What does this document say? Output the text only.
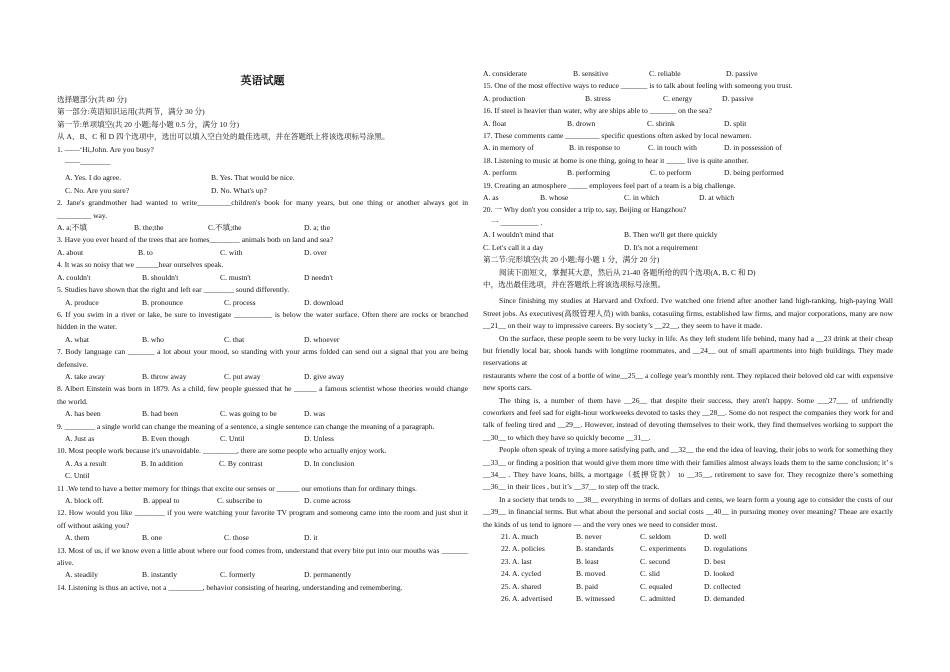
英语试题
选择题部分(共 80 分)
第一部分:英语知识运用(共两节，满分 30 分)
第一节:单项填空(共 20 小题;每小题 0.5 分，满分 10 分)
从 A、B、C 和 D 四个选项中，选出可以填入空白处的最佳选项，并在答题纸上将该选项标号涂黑。
1. ——‘Hi,John. Are you busy?
——________
A. Yes. I do agree.	B. Yes. That would be nice.
C. No. Are you sure?	D. No. What's up?
2. Jane's grandmother had wanted to write_________children's book for many years, but one thing or another always got in _________ way.
A. a;不填	B. the;the	C.不填;the	D. a; the
3. Have you ever heard of the trees that are homes________ animals both on land and sea?
A. about	B. to	C. with	D. over
4. It was so noisy that we ______hear ourselves speak.
A. couldn't	B. shouldn't	C. mustn't	D needn't
5. Studies have shown that the right and left ear ________ sound differently.
A. produce	B. pronounce	C. process	D. download
6. If you swim in a river or lake, be sure to investigate __________ is below the water surface. Often there are rocks or branched hidden in the water.
A. what	B. who	C. that	D. whoever
7. Body language can _______ a lot about your mood, so standing with your arms folded can send out a signal that you are being defensive.
A. take away	B. throw away	C. put away	D. give away
8. Albert Einstein was born in 1879. As a child, few people guessed that he ______ a famous scientist whose theories would change the world.
A. has been	B. had been	C. was going to be	D. was
9. ________ a single world can change the meaning of a sentence, a single sentence can change the meaning of a paragraph.
A. Just as	B. Even though	C. Until	D. Unless
10. Most people work because it's unavoidable. _________, there are some people who actually enjoy work.
A. As a result	B. In addition	C. By contrast	D. In conclusion
C. Until
11 .We tend to have a better memory for things that excite our senses or ______ our emotions than for ordinary things.
A. block off.	B. appeal to	C. subscribe to	D. come across
12. How would you like ________ if you were watching your favorite TV program and someong came into the room and just shut it off without asking you?
A. them	B. one	C. those	D. it
13. Most of us, if we know even a little about where our food comes from, understand that every bite put into our mouths was _______ alive.
A. steadily	B. instantly	C. formerly	D. permanently
14. Listening is thus an active, not a _________, behavior consisting of hearing, understanding and remembering.
A. considerate	B. sensitive	C. reliable	D. passive
15. One of the most effective ways to reduce _______ is to talk about feeling with someong you trust.
A. production	B. stress	C. energy	D. passive
16. If steel is heavier than water, why are ships able to _______ on the sea?
A. float	B. drown	C. shrink	D. split
17. These comments came _________ specific questions often asked by local newamen.
A. in memory of	B. in response to	C. in touch with	D. in possession of
18. Listening to music at home is one thing, going to hear it _____ live is quite another.
A. perform	B. performing	C. to perform	D. being performed
19. Creating an atmosphere _____ employees feel part of a team is a big challenge.
A. as	B. whose	C. in which	D. at which
20. 一 Why don't you consider a trip to, say, Beijing or Hangzhou?
一 __________ .
A. I wouldn't mind that	B. Then we'll get there quickly
C. Let's call it a day	D. It's not a requirement
第二节:完形填空(共 20 小题;每小题 1 分，满分 20 分)
阅读下面短文，掌握其大意，然后从 21-40 各题所给的四个选项(A, B, C 和 D)
中，选出最佳选项，并在答题纸上将该选项标号涂黑。
Since finishing my studies at Harvard and Oxford. I've watched one friend after another land high-ranking, high-paying Wall Street jobs. As executives(高级管理人员) with banks, cotasuiing firms, established law firms, and major corporations, many are now __21__ on their way to impressive careers. By society’s __22__, they seem to have it made.
On the surface, these people seem to be very lucky in life. As they left student life behind, many had a __23 drink at their cheap but friendly local bar, shook hands with longtime roommates, and __24__ out of small apartments into high buildings. They made reservations at
restaurants where the cost of a bottle of wine__25__ a college year's monthly rent. They replaced their beloved old car with expensive new sports cars.
The thing is, a number of them have __26__ that despite their success, they aren't happy. Some ___27___ of unfriendly coworkers and feel sad for eight-hour workweeks devoted to tasks they __28__. Some do not respect the companies they work for and talk of feeling tired and __29__. However, instead of devoting themselves to their work, they find themselves working to support the __30__ to which they have so quickly become __31__.
People often speak of trying a more satisfying path, and __32__ the end the idea of leaving, their jobs to work for something they __33__ or finding a position that would give them more time with their families almost always leads them to the same conclusion; it’ s __34__ . They have loans, bills, a mortgage（抵押贷款） to __35__, retirement to save for. They recognize there’s something __36__ in their lices , but it’s __37__ to step off the track.
In a society that tends to __38__ everything in terms of dollars and cents, we learn form a young age to consider the costs of our __39__ in financial terms. But what about the personal and social costs __40__ in pursuing money over meaning? Theae are exactly the kinds of us tend to ignore — and the very ones we need to consider most.
21. A. much	B. never	C. seldom	D. well
22. A. policies	B. standards	C. experiments	D. regulations
23. A. last	B. least	C. second	D. best
24. A. cycled	B. moved	C. slid	D. looked
25. A. shared	B. paid	C. equaled	D. collected
26. A. advertised	B. witnessed	C. admitted	D. demanded
